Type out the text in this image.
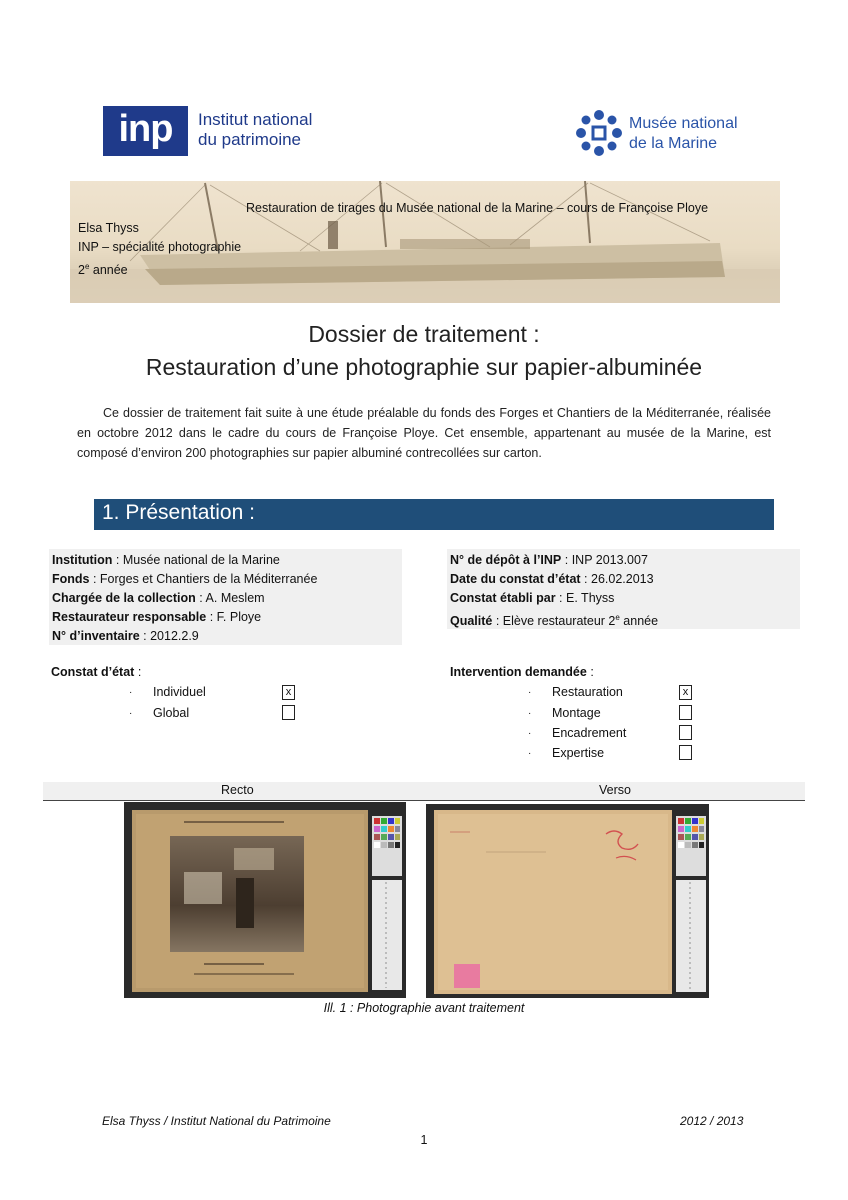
inp	Institut national
du patrimoine
Musée national
de la Marine
Restauration de tirages du Musée national de la Marine – cours de Françoise Ploye
Elsa Thyss
INP – spécialité photographie
2e année
Dossier de traitement :
Restauration d’une photographie sur papier-albuminée
Ce dossier de traitement fait suite à une étude préalable du fonds des Forges et Chantiers de la Méditerranée, réalisée en octobre 2012 dans le cadre du cours de Françoise Ploye. Cet ensemble, appartenant au musée de la Marine, est composé d’environ 200 photographies sur papier albuminé contrecollées sur carton.
1. Présentation :
Institution : Musée national de la Marine
Fonds : Forges et Chantiers de la Méditerranée
Chargée de la collection : A. Meslem
Restaurateur responsable : F. Ploye
N° d’inventaire : 2012.2.9
N° de dépôt à l’INP : INP 2013.007
Date du constat d’état : 26.02.2013
Constat établi par : E. Thyss
Qualité : Elève restaurateur 2e année
Constat d’état :
· Individuel	x
· Global
Intervention demandée :
· Restauration	x
· Montage
· Encadrement
· Expertise
Recto	Verso
Ill. 1 : Photographie avant traitement
Elsa Thyss / Institut National du Patrimoine	2012 / 2013
1
